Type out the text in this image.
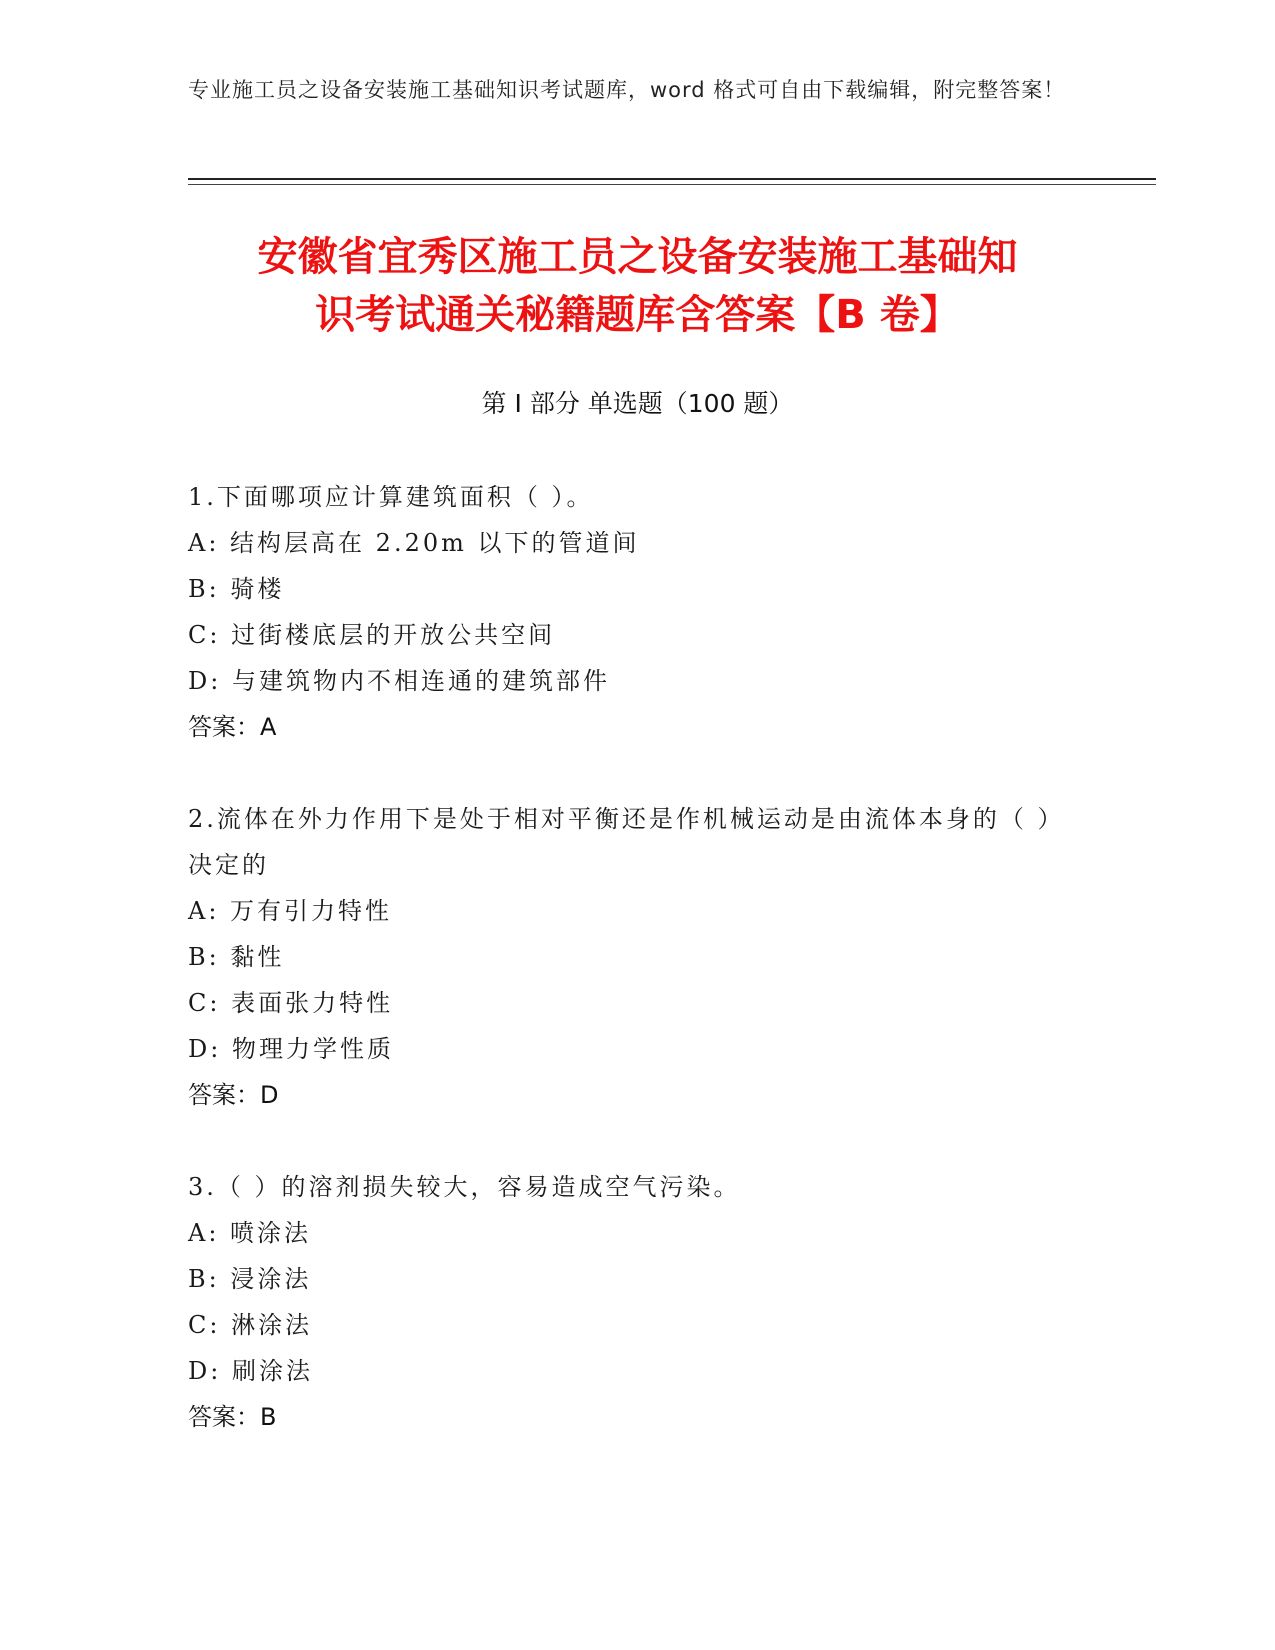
专业施工员之设备安装施工基础知识考试题库，word 格式可自由下载编辑，附完整答案！
安徽省宜秀区施工员之设备安装施工基础知
识考试通关秘籍题库含答案【B 卷】
第 I 部分 单选题（100 题）
1.下面哪项应计算建筑面积（ ）。
A: 结构层高在 2.20m 以下的管道间
B: 骑楼
C: 过街楼底层的开放公共空间
D: 与建筑物内不相连通的建筑部件
答案：A
2.流体在外力作用下是处于相对平衡还是作机械运动是由流体本身的（ ）决定的
A: 万有引力特性
B: 黏性
C: 表面张力特性
D: 物理力学性质
答案：D
3.（ ）的溶剂损失较大，容易造成空气污染。
A: 喷涂法
B: 浸涂法
C: 淋涂法
D: 刷涂法
答案：B
